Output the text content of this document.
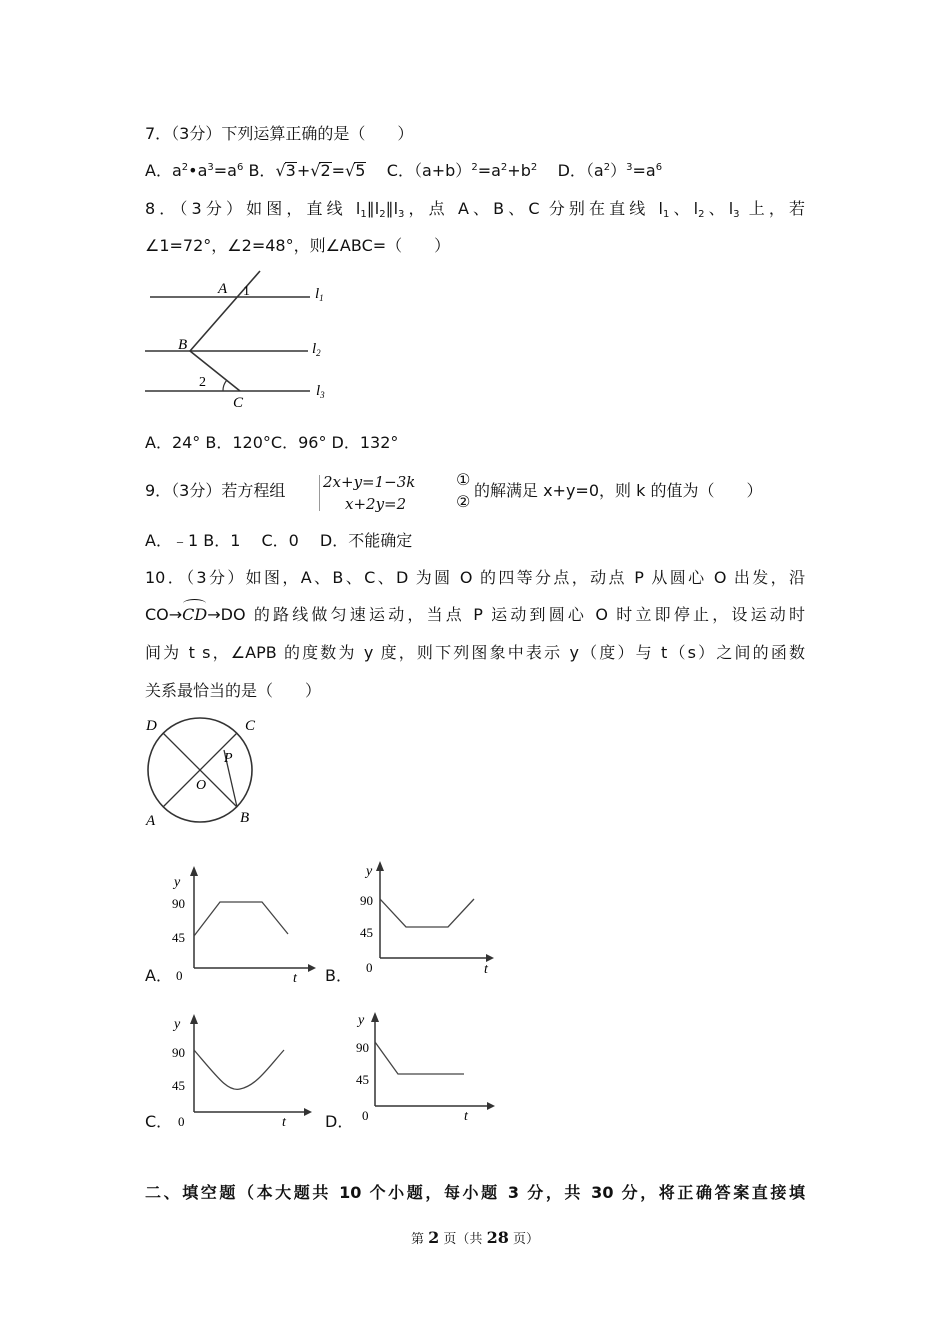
7．（3分）下列运算正确的是（　　）
A．$a^2•a^3=a^6$ B．√3+√2=√5 C．$(a+b)^2=a^2+b^2$ D．$(a^2)^3=a^6$
8．（3分）如图，直线 $l_1\parallel l_2\parallel l_3$，点 A、B、C 分别在直线 $l_1$、$l_2$、$l_3$ 上，若
∠1=72°，∠2=48°，则∠ABC=（　　）
A 1
B
2
C
$l_1$
$l_2$
$l_3$
A．24° B．120°C．96° D．132°
9．（3分）若方程组	2x+y=1−3k
x+2y=2
①
②
的解满足 x+y=0，则 k 的值为（　　）
A．﹣1 B．1　 C．0　 D．不能确定
10．（3分）如图，A、B、C、D 为圆 O 的四等分点，动点 P 从圆心 O 出发，沿
CO→
CD→DO 的路线做匀速运动，当点 P 运动到圆心 O 时立即停止，设运动时
间为 t s，∠APB 的度数为 y 度，则下列图象中表示 y（度）与 t（s）之间的函数
关系最恰当的是（　　）
D	C
P
O
A	B
A．
y
90
45
0	t B．
y
90
45
0	t
C．
y
90
45
0	t D．
y
90
45
0	t
二、填空题（本大题共 10 个小题，每小题 3 分，共 30 分，将正确答案直接填
第 2 页（共 28 页）
